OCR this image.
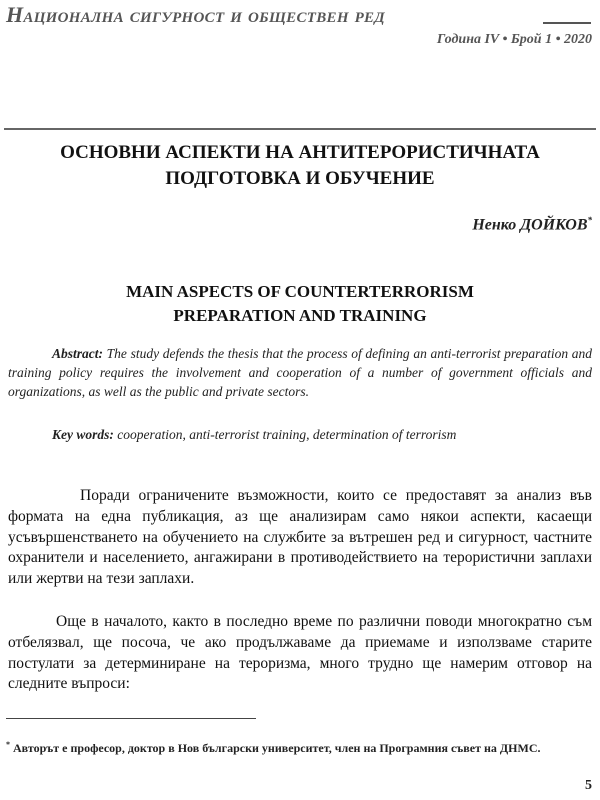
Национална сигурност и обществен ред
Година IV • Брой 1 • 2020
ОСНОВНИ АСПЕКТИ НА АНТИТЕРОРИСТИЧНАТА
ПОДГОТОВКА И ОБУЧЕНИЕ
Ненко ДОЙКОВ*
MAIN ASPECTS OF COUNTERTERRORISM
PREPARATION AND TRAINING
Abstract: The study defends the thesis that the process of defining an anti-terrorist preparation and training policy requires the involvement and cooperation of a number of government officials and organizations, as well as the public and private sectors.
Key words: cooperation, anti-terrorist training, determination of terrorism
Поради ограничените възможности, които се предоставят за анализ във формата на една публикация, аз ще анализирам само някои аспекти, касаещи усъвършенстването на обучението на службите за вътрешен ред и сигурност, частните охранители и населението, ангажирани в противодействието на терористични заплахи или жертви на тези заплахи.
Още в началото, както в последно време по различни поводи многократно съм отбелязвал, ще посоча, че ако продължаваме да приемаме и използваме старите постулати за детерминиране на тероризма, много трудно ще намерим отговор на следните въпроси:
* Авторът е професор, доктор в Нов български университет, член на Програмния съвет на ДНМС.
5
